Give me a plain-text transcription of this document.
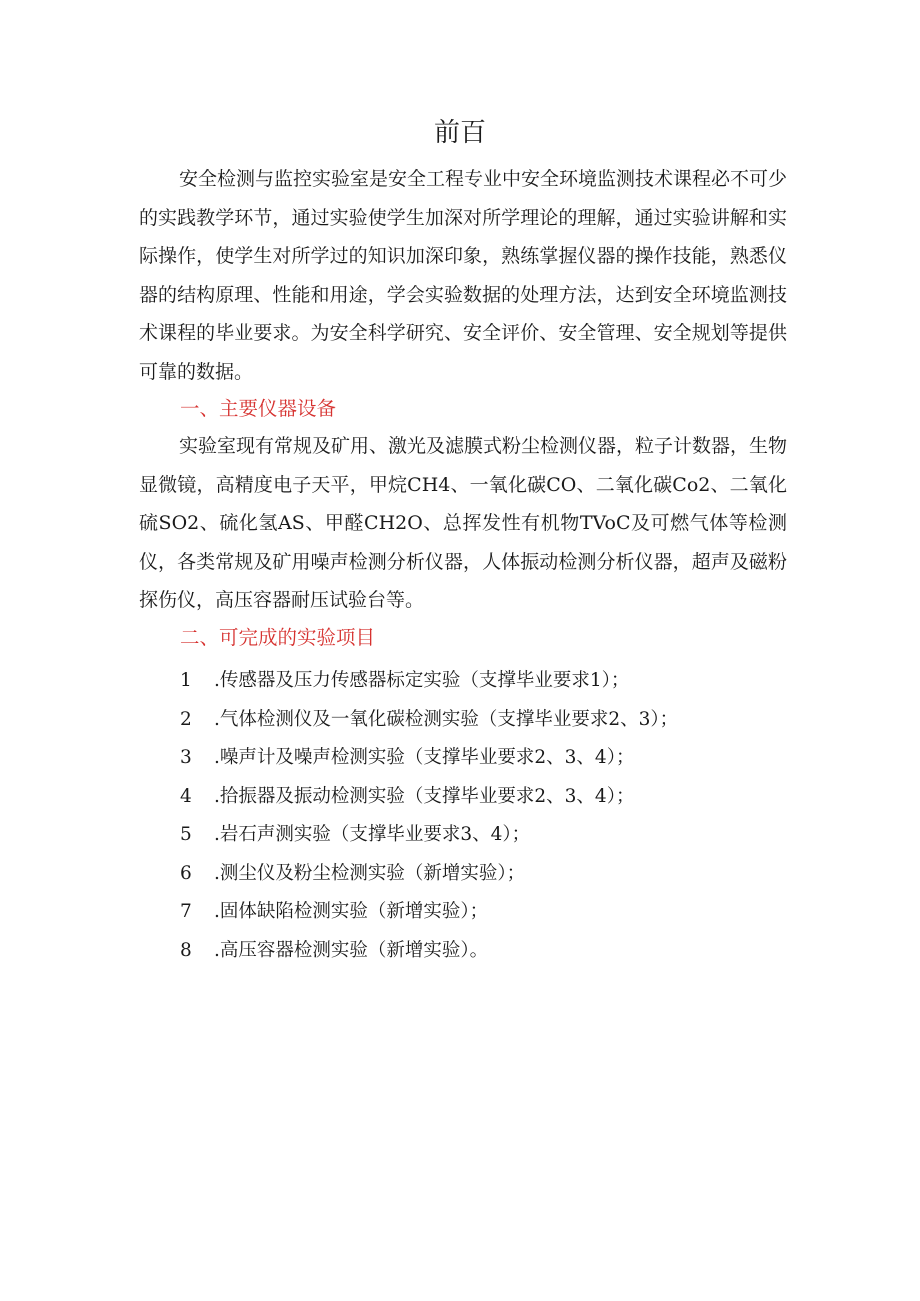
前百

安全检测与监控实验室是安全工程专业中安全环境监测技术课程必不可少的实践教学环节，通过实验使学生加深对所学理论的理解，通过实验讲解和实际操作，使学生对所学过的知识加深印象，熟练掌握仪器的操作技能，熟悉仪器的结构原理、性能和用途，学会实验数据的处理方法，达到安全环境监测技术课程的毕业要求。为安全科学研究、安全评价、安全管理、安全规划等提供可靠的数据。

一、主要仪器设备

实验室现有常规及矿用、激光及滤膜式粉尘检测仪器，粒子计数器，生物显微镜，高精度电子天平，甲烷CH4、一氧化碳CO、二氧化碳Co2、二氧化硫SO2、硫化氢AS、甲醛CH2O、总挥发性有机物TVoC及可燃气体等检测仪，各类常规及矿用噪声检测分析仪器，人体振动检测分析仪器，超声及磁粉探伤仪，高压容器耐压试验台等。

二、可完成的实验项目

1 .传感器及压力传感器标定实验（支撑毕业要求1）；
2 .气体检测仪及一氧化碳检测实验（支撑毕业要求2、3）；
3 .噪声计及噪声检测实验（支撑毕业要求2、3、4）；
4 .拾振器及振动检测实验（支撑毕业要求2、3、4）；
5 .岩石声测实验（支撑毕业要求3、4）；
6 .测尘仪及粉尘检测实验（新增实验）；
7 .固体缺陷检测实验（新增实验）；
8 .高压容器检测实验（新增实验）。
